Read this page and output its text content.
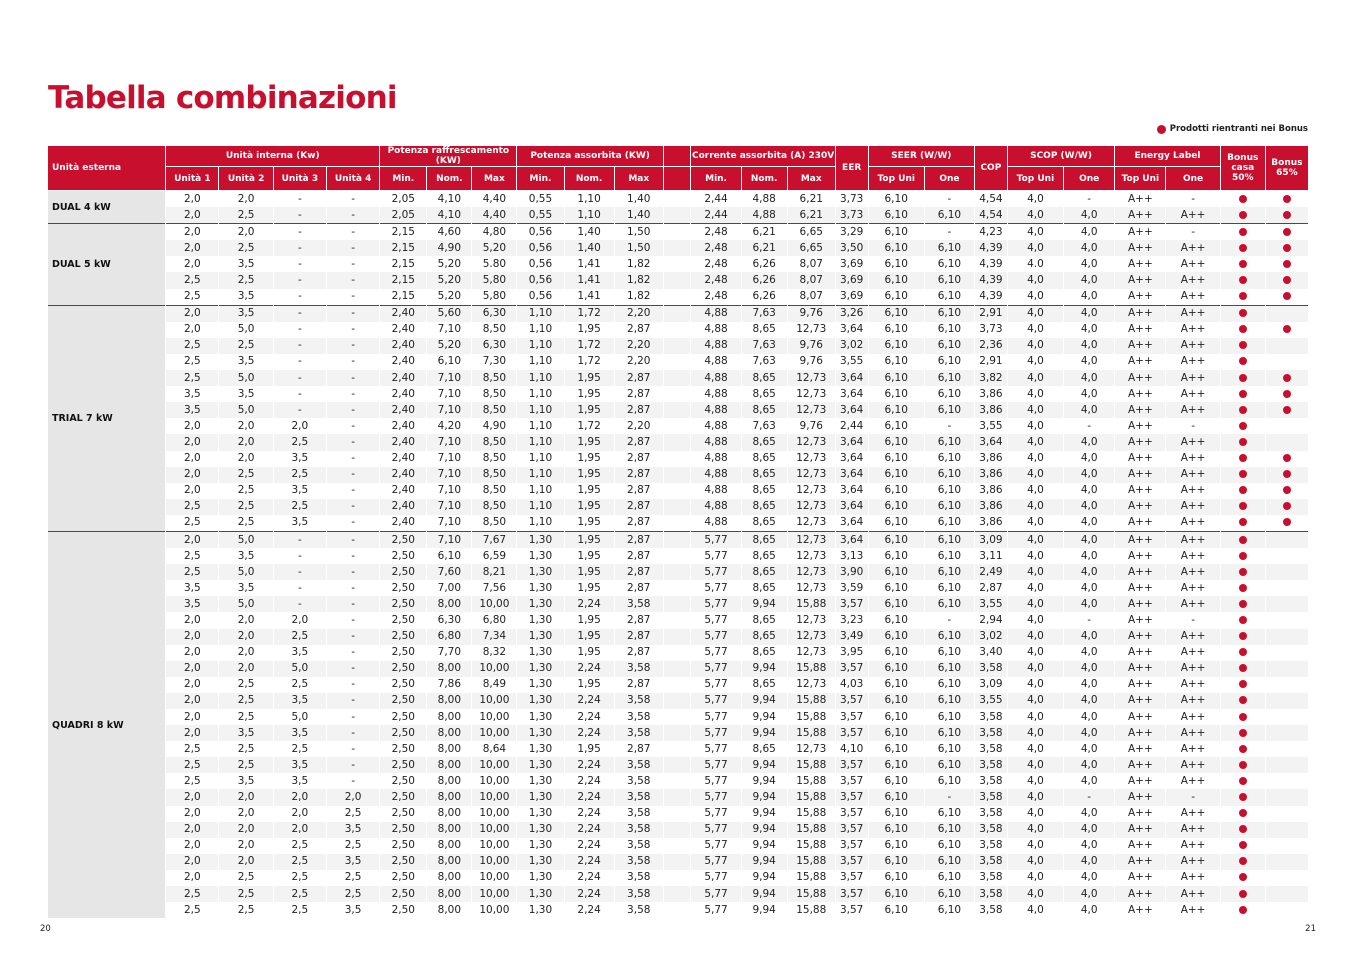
Tabella combinazioni
Prodotti rientranti nei Bonus
Unità esterna	Unità interna (Kw)				Potenza raffrescamento (KW)			Potenza assorbita (KW)				Corrente assorbita (A) 230V			EER	SEER (W/W)		COP	SCOP (W/W)		Energy Label		Bonus casa 50%	Bonus 65%
	Unità 1	Unità 2	Unità 3	Unità 4	Min.	Nom.	Max	Min.	Nom.	Max		Min.	Nom.	Max		Top Uni	One		Top Uni	One	Top Uni	One		
DUAL 4 kW	2,0	2,0	-	-	2,05	4,10	4,40	0,55	1,10	1,40		2,44	4,88	6,21	3,73	6,10	-	4,54	4,0	-	A++	-		
	2,0	2,5	-	-	2,05	4,10	4,40	0,55	1,10	1,40		2,44	4,88	6,21	3,73	6,10	6,10	4,54	4,0	4,0	A++	A++		
DUAL 5 kW	2,0	2,0	-	-	2,15	4,60	4,80	0,56	1,40	1,50		2,48	6,21	6,65	3,29	6,10	-	4,23	4,0	4,0	A++	-		
	2,0	2,5	-	-	2,15	4,90	5,20	0,56	1,40	1,50		2,48	6,21	6,65	3,50	6,10	6,10	4,39	4,0	4,0	A++	A++		
	2,0	3,5	-	-	2,15	5,20	5.80	0,56	1,41	1,82		2,48	6,26	8,07	3,69	6,10	6,10	4,39	4.0	4,0	A++	A++		
	2,5	2,5	-	-	2,15	5,20	5,80	0,56	1,41	1,82		2,48	6,26	8,07	3,69	6,10	6,10	4,39	4,0	4,0	A++	A++		
	2,5	3,5	-	-	2,15	5,20	5,80	0,56	1,41	1,82		2,48	6,26	8,07	3,69	6,10	6,10	4,39	4,0	4,0	A++	A++		
TRIAL 7 kW	2,0	3,5	-	-	2,40	5,60	6,30	1,10	1,72	2,20		4,88	7,63	9,76	3,26	6,10	6,10	2,91	4,0	4,0	A++	A++		
	2,0	5,0	-	-	2,40	7,10	8,50	1,10	1,95	2,87		4,88	8,65	12,73	3,64	6,10	6,10	3,73	4,0	4,0	A++	A++		
	2,5	2,5	-	-	2,40	5,20	6,30	1,10	1,72	2,20		4,88	7,63	9,76	3,02	6,10	6,10	2,36	4,0	4,0	A++	A++		
	2,5	3,5	-	-	2,40	6,10	7,30	1,10	1,72	2,20		4,88	7,63	9,76	3,55	6,10	6,10	2,91	4,0	4,0	A++	A++		
	2,5	5,0	-	-	2,40	7,10	8,50	1,10	1,95	2,87		4,88	8,65	12,73	3,64	6,10	6,10	3,82	4,0	4,0	A++	A++		
	3,5	3,5	-	-	2,40	7,10	8,50	1,10	1,95	2,87		4,88	8,65	12,73	3,64	6,10	6,10	3,86	4,0	4,0	A++	A++		
	3,5	5,0	-	-	2,40	7,10	8,50	1,10	1,95	2,87		4,88	8,65	12,73	3,64	6,10	6,10	3,86	4,0	4,0	A++	A++		
	2,0	2,0	2,0	-	2,40	4,20	4,90	1,10	1,72	2,20		4,88	7,63	9,76	2,44	6,10	-	3,55	4,0	-	A++	-		
	2,0	2,0	2,5	-	2,40	7,10	8,50	1,10	1,95	2,87		4,88	8,65	12,73	3,64	6,10	6,10	3,64	4,0	4,0	A++	A++		
	2,0	2,0	3,5	-	2,40	7,10	8,50	1,10	1,95	2,87		4,88	8,65	12,73	3,64	6,10	6,10	3,86	4,0	4,0	A++	A++		
	2,0	2,5	2,5	-	2,40	7,10	8,50	1,10	1,95	2,87		4,88	8,65	12,73	3,64	6,10	6,10	3,86	4,0	4,0	A++	A++		
	2,0	2,5	3,5	-	2,40	7,10	8,50	1,10	1,95	2,87		4,88	8,65	12,73	3,64	6,10	6,10	3,86	4,0	4,0	A++	A++		
	2,5	2,5	2,5	-	2,40	7,10	8,50	1,10	1,95	2,87		4,88	8,65	12,73	3,64	6,10	6,10	3,86	4,0	4,0	A++	A++		
	2,5	2,5	3,5	-	2,40	7,10	8,50	1,10	1,95	2,87		4,88	8,65	12,73	3,64	6,10	6,10	3,86	4,0	4,0	A++	A++		
QUADRI 8 kW	2,0	5,0	-	-	2,50	7,10	7,67	1,30	1,95	2,87		5,77	8,65	12,73	3,64	6,10	6,10	3,09	4,0	4,0	A++	A++		
	2,5	3,5	-	-	2,50	6,10	6,59	1,30	1,95	2,87		5,77	8,65	12,73	3,13	6,10	6,10	3,11	4,0	4,0	A++	A++		
	2,5	5,0	-	-	2,50	7,60	8,21	1,30	1,95	2,87		5,77	8,65	12,73	3,90	6,10	6,10	2,49	4,0	4,0	A++	A++		
	3,5	3,5	-	-	2,50	7,00	7,56	1,30	1,95	2,87		5,77	8,65	12,73	3,59	6,10	6,10	2,87	4,0	4,0	A++	A++		
	3,5	5,0	-	-	2,50	8,00	10,00	1,30	2,24	3,58		5,77	9,94	15,88	3,57	6,10	6,10	3,55	4,0	4,0	A++	A++		
	2,0	2,0	2,0	-	2,50	6,30	6,80	1,30	1,95	2,87		5,77	8,65	12,73	3,23	6,10	-	2,94	4,0	-	A++	-		
	2,0	2,0	2,5	-	2,50	6,80	7,34	1,30	1,95	2,87		5,77	8,65	12,73	3,49	6,10	6,10	3,02	4,0	4,0	A++	A++		
	2,0	2,0	3,5	-	2,50	7,70	8,32	1,30	1,95	2,87		5,77	8,65	12,73	3,95	6,10	6,10	3,40	4,0	4,0	A++	A++		
	2,0	2,0	5,0	-	2,50	8,00	10,00	1,30	2,24	3,58		5,77	9,94	15,88	3,57	6,10	6,10	3,58	4,0	4,0	A++	A++		
	2,0	2,5	2,5	-	2,50	7,86	8,49	1,30	1,95	2,87		5,77	8,65	12,73	4,03	6,10	6,10	3,09	4,0	4,0	A++	A++		
	2,0	2,5	3,5	-	2,50	8,00	10,00	1,30	2,24	3,58		5,77	9,94	15,88	3,57	6,10	6,10	3,55	4,0	4,0	A++	A++		
	2,0	2,5	5,0	-	2,50	8,00	10,00	1,30	2,24	3,58		5,77	9,94	15,88	3,57	6,10	6,10	3,58	4,0	4,0	A++	A++		
	2,0	3,5	3,5	-	2,50	8,00	10,00	1,30	2,24	3,58		5,77	9,94	15,88	3,57	6,10	6,10	3,58	4,0	4,0	A++	A++		
	2,5	2,5	2,5	-	2,50	8,00	8,64	1,30	1,95	2,87		5,77	8,65	12,73	4,10	6,10	6,10	3,58	4,0	4,0	A++	A++		
	2,5	2,5	3,5	-	2,50	8,00	10,00	1,30	2,24	3,58		5,77	9,94	15,88	3,57	6,10	6,10	3,58	4,0	4,0	A++	A++		
	2,5	3,5	3,5	-	2,50	8,00	10,00	1,30	2,24	3,58		5,77	9,94	15,88	3,57	6,10	6,10	3,58	4,0	4,0	A++	A++		
	2,0	2,0	2,0	2,0	2,50	8,00	10,00	1,30	2,24	3,58		5,77	9,94	15,88	3,57	6,10	-	3,58	4,0	-	A++	-		
	2,0	2,0	2,0	2,5	2,50	8,00	10,00	1,30	2,24	3,58		5,77	9,94	15,88	3,57	6,10	6,10	3,58	4,0	4,0	A++	A++		
	2,0	2,0	2,0	3,5	2,50	8,00	10,00	1,30	2,24	3,58		5,77	9,94	15,88	3,57	6,10	6,10	3,58	4,0	4,0	A++	A++		
	2,0	2,0	2,5	2,5	2,50	8,00	10,00	1,30	2,24	3,58		5,77	9,94	15,88	3,57	6,10	6,10	3,58	4,0	4,0	A++	A++		
	2,0	2,0	2,5	3,5	2,50	8,00	10,00	1,30	2,24	3,58		5,77	9,94	15,88	3,57	6,10	6,10	3,58	4,0	4,0	A++	A++		
	2,0	2,5	2,5	2,5	2,50	8,00	10,00	1,30	2,24	3,58		5,77	9,94	15,88	3,57	6,10	6,10	3,58	4,0	4,0	A++	A++		
	2,5	2,5	2,5	2,5	2,50	8,00	10,00	1,30	2,24	3,58		5,77	9,94	15,88	3,57	6,10	6,10	3,58	4,0	4,0	A++	A++		
	2,5	2,5	2,5	3,5	2,50	8,00	10,00	1,30	2,24	3,58		5,77	9,94	15,88	3,57	6,10	6,10	3,58	4,0	4,0	A++	A++		
20	21
